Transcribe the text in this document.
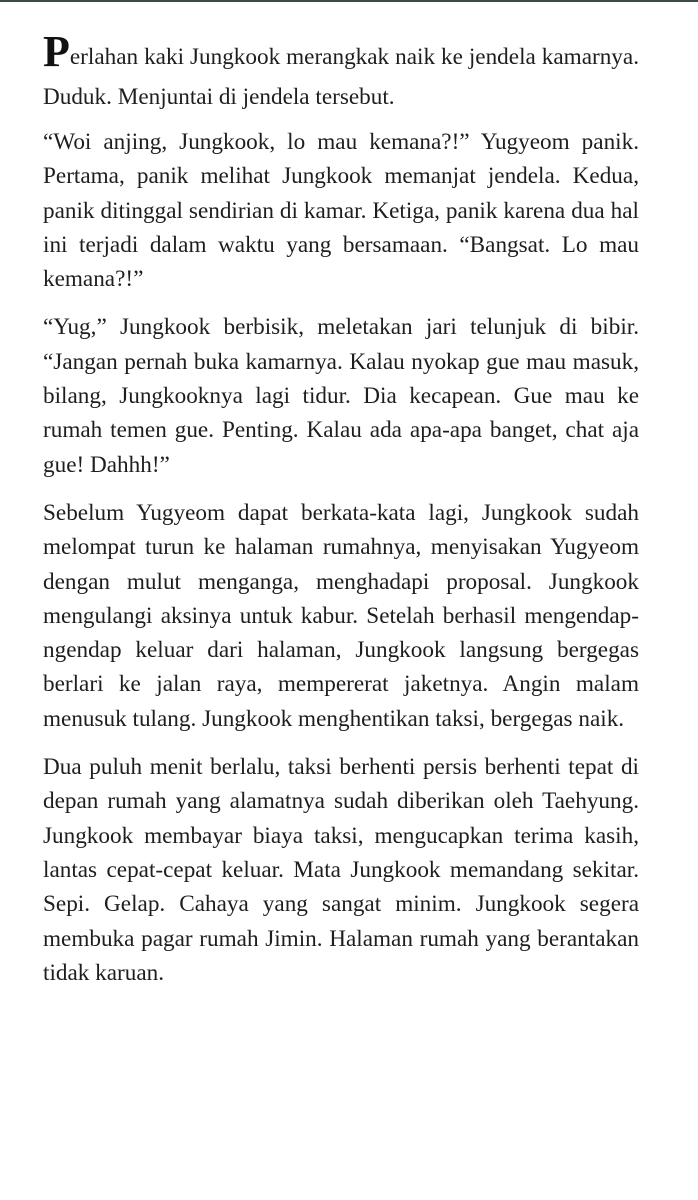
Perlahan kaki Jungkook merangkak naik ke jendela kamarnya. Duduk. Menjuntai di jendela tersebut.

“Woi anjing, Jungkook, lo mau kemana?!” Yugyeom panik. Pertama, panik melihat Jungkook memanjat jendela. Kedua, panik ditinggal sendirian di kamar. Ketiga, panik karena dua hal ini terjadi dalam waktu yang bersamaan. “Bangsat. Lo mau kemana?!”

“Yug,” Jungkook berbisik, meletakan jari telunjuk di bibir. “Jangan pernah buka kamarnya. Kalau nyokap gue mau masuk, bilang, Jungkooknya lagi tidur. Dia kecapean. Gue mau ke rumah temen gue. Penting. Kalau ada apa-apa banget, chat aja gue! Dahhh!”

Sebelum Yugyeom dapat berkata-kata lagi, Jungkook sudah melompat turun ke halaman rumahnya, menyisakan Yugyeom dengan mulut menganga, menghadapi proposal. Jungkook mengulangi aksinya untuk kabur. Setelah berhasil mengendap-ngendap keluar dari halaman, Jungkook langsung bergegas berlari ke jalan raya, mempererat jaketnya. Angin malam menusuk tulang. Jungkook menghentikan taksi, bergegas naik.

Dua puluh menit berlalu, taksi berhenti persis berhenti tepat di depan rumah yang alamatnya sudah diberikan oleh Taehyung. Jungkook membayar biaya taksi, mengucapkan terima kasih, lantas cepat-cepat keluar. Mata Jungkook memandang sekitar. Sepi. Gelap. Cahaya yang sangat minim. Jungkook segera membuka pagar rumah Jimin. Halaman rumah yang berantakan tidak karuan.
